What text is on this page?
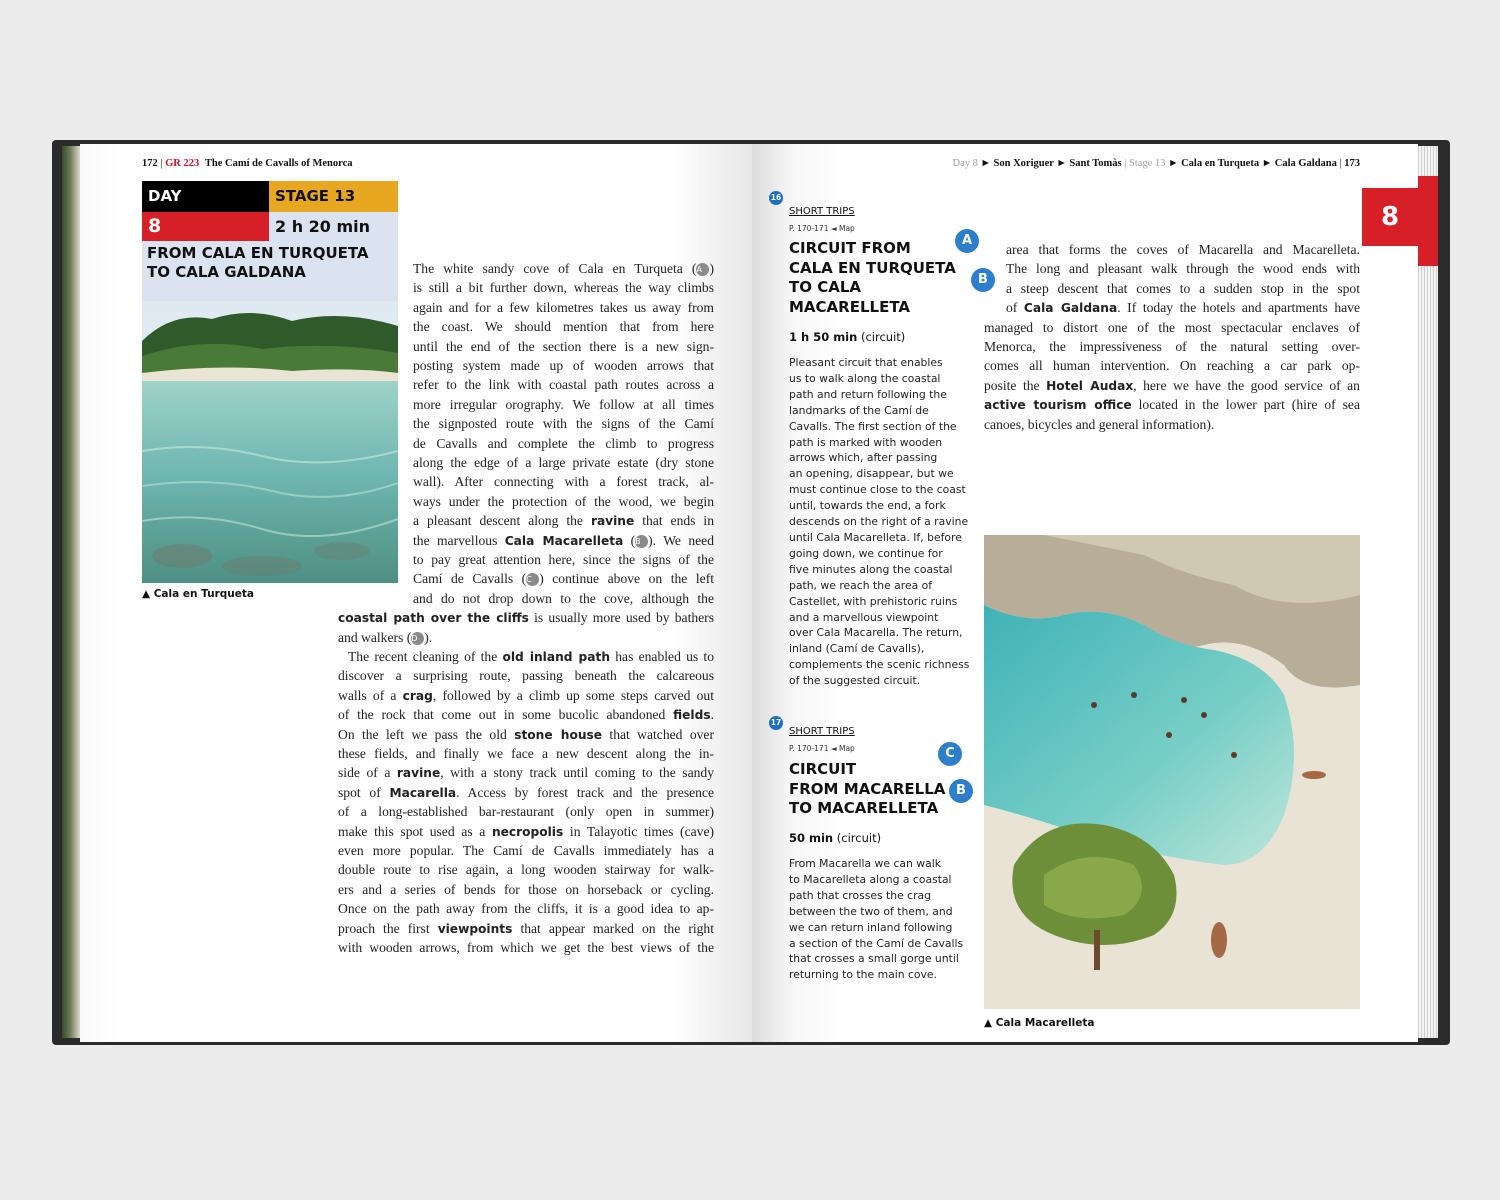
172 | GR 223 The Camí de Cavalls of Menorca
DAY	STAGE 13
8	2 h 20 min
FROM CALA EN TURQUETA
TO CALA GALDANA
▲ Cala en Turqueta
The white sandy cove of Cala en Turqueta (A )
is still a bit further down, whereas the way climbs
again and for a few kilometres takes us away from
the coast. We should mention that from here
until the end of the section there is a new sign-
posting system made up of wooden arrows that
refer to the link with coastal path routes across a
more irregular orography. We follow at all times
the signposted route with the signs of the Camí
de Cavalls and complete the climb to progress
along the edge of a large private estate (dry stone
wall). After connecting with a forest track, al-
ways under the protection of the wood, we begin
a pleasant descent along the ravine that ends in
the marvellous Cala Macarelleta (B ). We need
to pay great attention here, since the signs of the
Camí de Cavalls (C ) continue above on the left
and do not drop down to the cove, although the
coastal path over the cliffs is usually more used by bathers
and walkers (D ).
The recent cleaning of the old inland path has enabled us to
discover a surprising route, passing beneath the calcareous
walls of a crag, followed by a climb up some steps carved out
of the rock that come out in some bucolic abandoned fields.
On the left we pass the old stone house that watched over
these fields, and finally we face a new descent along the in-
side of a ravine, with a stony track until coming to the sandy
spot of Macarella. Access by forest track and the presence
of a long-established bar-restaurant (only open in summer)
make this spot used as a necropolis in Talayotic times (cave)
even more popular. The Camí de Cavalls immediately has a
double route to rise again, a long wooden stairway for walk-
ers and a series of bends for those on horseback or cycling.
Once on the path away from the cliffs, it is a good idea to ap-
proach the first viewpoints that appear marked on the right
with wooden arrows, from which we get the best views of the
Day 8 ► Son Xoriguer ► Sant Tomàs | Stage 13 ► Cala en Turqueta ► Cala Galdana | 173
8
16
SHORT TRIPS
P. 170-171 ◄ Map
CIRCUIT FROM
CALA EN TURQUETA
TO CALA
MACARELLETA
A
B
1 h 50 min (circuit)
Pleasant circuit that enables
us to walk along the coastal
path and return following the
landmarks of the Camí de
Cavalls. The first section of the
path is marked with wooden
arrows which, after passing
an opening, disappear, but we
must continue close to the coast
until, towards the end, a fork
descends on the right of a ravine
until Cala Macarelleta. If, before
going down, we continue for
five minutes along the coastal
path, we reach the area of
Castellet, with prehistoric ruins
and a marvellous viewpoint
over Cala Macarella. The return,
inland (Camí de Cavalls),
complements the scenic richness
of the suggested circuit.
17
SHORT TRIPS
P. 170-171 ◄ Map
CIRCUIT
FROM MACARELLA
TO MACARELLETA
C
B
50 min (circuit)
From Macarella we can walk
to Macarelleta along a coastal
path that crosses the crag
between the two of them, and
we can return inland following
a section of the Camí de Cavalls
that crosses a small gorge until
returning to the main cove.
area that forms the coves of Macarella and Macarelleta.
The long and pleasant walk through the wood ends with
a steep descent that comes to a sudden stop in the spot
of Cala Galdana. If today the hotels and apartments have
managed to distort one of the most spectacular enclaves of
Menorca, the impressiveness of the natural setting over-
comes all human intervention. On reaching a car park op-
posite the Hotel Audax, here we have the good service of an
active tourism office located in the lower part (hire of sea
canoes, bicycles and general information).
▲ Cala Macarelleta
